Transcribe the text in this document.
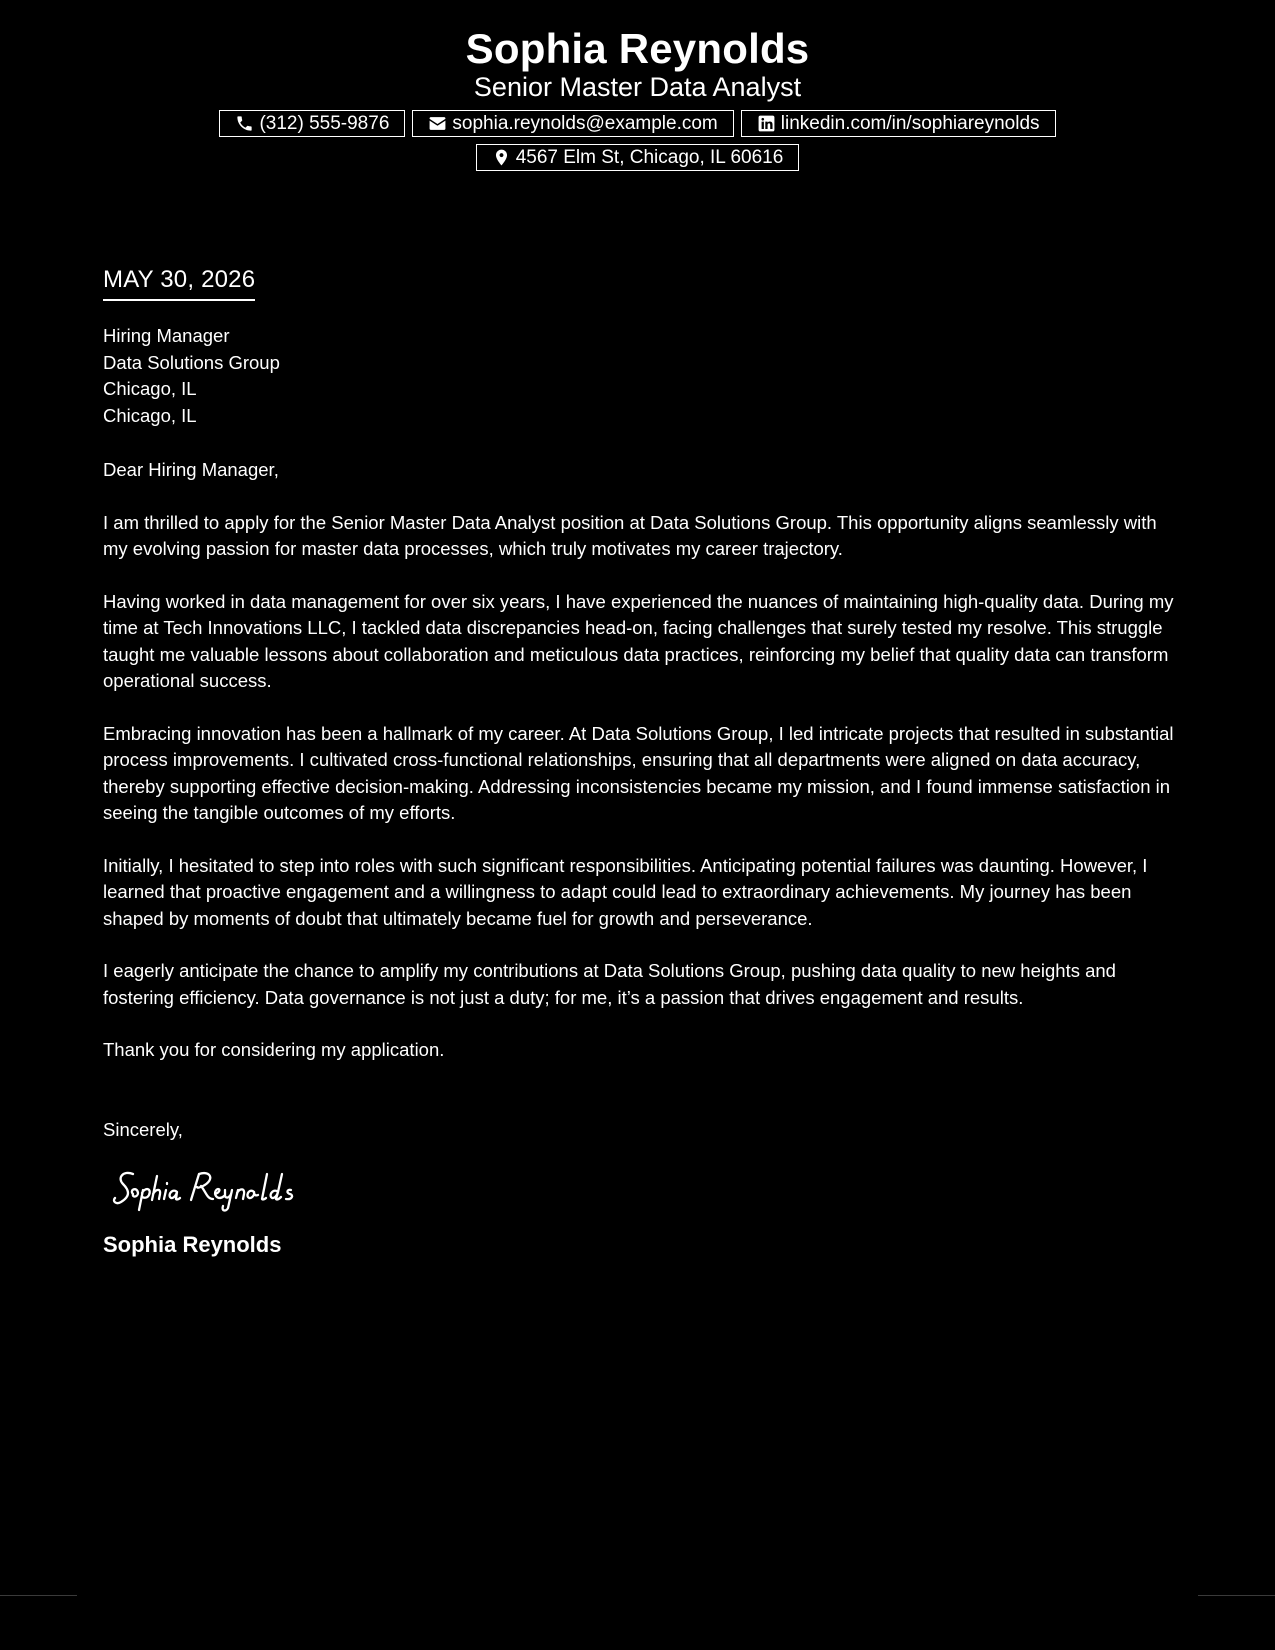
Sophia Reynolds
Senior Master Data Analyst
(312) 555-9876	sophia.reynolds@example.com	linkedin.com/in/sophiareynolds
4567 Elm St, Chicago, IL 60616
MAY 30, 2026
Hiring Manager
Data Solutions Group
Chicago, IL
Chicago, IL
Dear Hiring Manager,
I am thrilled to apply for the Senior Master Data Analyst position at Data Solutions Group. This opportunity aligns seamlessly with my evolving passion for master data processes, which truly motivates my career trajectory.
Having worked in data management for over six years, I have experienced the nuances of maintaining high-quality data. During my time at Tech Innovations LLC, I tackled data discrepancies head-on, facing challenges that surely tested my resolve. This struggle taught me valuable lessons about collaboration and meticulous data practices, reinforcing my belief that quality data can transform operational success.
Embracing innovation has been a hallmark of my career. At Data Solutions Group, I led intricate projects that resulted in substantial process improvements. I cultivated cross-functional relationships, ensuring that all departments were aligned on data accuracy, thereby supporting effective decision-making. Addressing inconsistencies became my mission, and I found immense satisfaction in seeing the tangible outcomes of my efforts.
Initially, I hesitated to step into roles with such significant responsibilities. Anticipating potential failures was daunting. However, I learned that proactive engagement and a willingness to adapt could lead to extraordinary achievements. My journey has been shaped by moments of doubt that ultimately became fuel for growth and perseverance.
I eagerly anticipate the chance to amplify my contributions at Data Solutions Group, pushing data quality to new heights and fostering efficiency. Data governance is not just a duty; for me, it’s a passion that drives engagement and results.
Thank you for considering my application.
Sincerely,
Sophia Reynolds
